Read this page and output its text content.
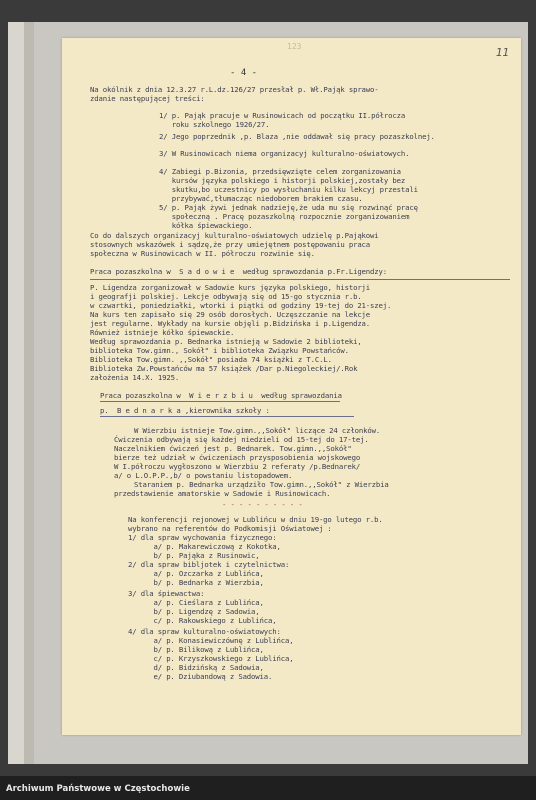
123	11
- 4 -
Na okólnik z dnia 12.3.27 r.L.dz.126/27 przesłał p. Wł.Pająk sprawo-
zdanie następującej treści:
1/ p. Pająk pracuje w Rusinowicach od początku II.półrocza
roku szkolnego 1926/27.
2/ Jego poprzednik ,p. Blaza ,nie oddawał się pracy pozaszkolnej.
3/ W Rusinowicach niema organizacyj kulturalno-oświatowych.
4/ Zabiegi p.Bizonia, przedsięwzięte celem zorganizowania
kursów języka polskiego i historji polskiej,zostały bez
skutku,bo uczestnicy po wysłuchaniu kilku lekcyj przestali
przybywać,tłumacząc niedoborem brakiem czasu.
5/ p. Pająk żywi jednak nadzieję,że uda mu się rozwinąć pracę
społeczną . Pracę pozaszkolną rozpocznie zorganizowaniem
kółka śpiewackiego.
Co do dalszych organizacyj kulturalno-oświatowych udzielę p.Pająkowi
stosownych wskazówek i sądzę,że przy umiejętnem postępowaniu praca
społeczna w Rusinowicach w II. półroczu rozwinie się.
Praca pozaszkolna w  S a d o w i e  według sprawozdania p.Fr.Ligendzy:
P. Ligendza zorganizował w Sadowie kurs języka polskiego, historji
i geografji polskiej. Lekcje odbywają się od 15-go stycznia r.b.
w czwartki, poniedziałki, wtorki i piątki od godziny 19-tej do 21-szej.
Na kurs ten zapisało się 29 osób dorosłych. Uczęszczanie na lekcje
jest regularne. Wykłady na kursie objęli p.Bidzińska i p.Ligendza.
Również istnieje kółko śpiewackie.
Według sprawozdania p. Bednarka istnieją w Sadowie 2 biblioteki,
biblioteka Tow.gimn., Sokół" i biblioteka Związku Powstańców.
Biblioteka Tow.gimn. ,,Sokół" posiada 74 książki z T.C.L.
Biblioteka Zw.Powstańców ma 57 książek /Dar p.Niegoleckiej/.Rok
założenia 14.X. 1925.
Praca pozaszkolna w  W i e r z b i u  według sprawozdania
p.  B e d n a r k a ,kierownika szkoły :
W Wierzbiu istnieje Tow.gimn.,,Sokół" liczące 24 członków.
Ćwiczenia odbywają się każdej niedzieli od 15-tej do 17-tej.
Naczelnikiem ćwiczeń jest p. Bednarek. Tow.gimn.,,Sokół"
bierze też udział w ćwiczeniach przysposobienia wojskowego
W I.półroczu wygłoszono w Wierzbiu 2 referaty /p.Bednarek/
a/ o L.O.P.P.,b/ o powstaniu listopadowem.
Staraniem p. Bednarka urządziło Tow.gimn.,,Sokół" z Wierzbia
przedstawienie amatorskie w Sadowie i Rusinowicach.
- - - - - - - - - -
Na konferencji rejonowej w Lublińcu w dniu 19-go lutego r.b.
wybrano na referentów do Podkomisji Oświatowej :
1/ dla spraw wychowania fizycznego:
a/ p. Makarewiczową z Kokotka,
b/ p. Pająka z Rusinowic,
2/ dla spraw bibljotek i czytelnictwa:
a/ p. Ozczarka z Lublińca,
b/ p. Bednarka z Wierzbia,
3/ dla śpiewactwa:
a/ p. Cieślara z Lublińca,
b/ p. Ligendzę z Sadowia,
c/ p. Rakowskiego z Lublińca,
4/ dla spraw kulturalno-oświatowych:
a/ p. Konasiewiczównę z Lublińca,
b/ p. Bilikową z Lublińca,
c/ p. Krzyszkowskiego z Lublińca,
d/ p. Bidzińską z Sadowia,
e/ p. Dziubandową z Sadowia.
Archiwum Państwowe w Częstochowie
